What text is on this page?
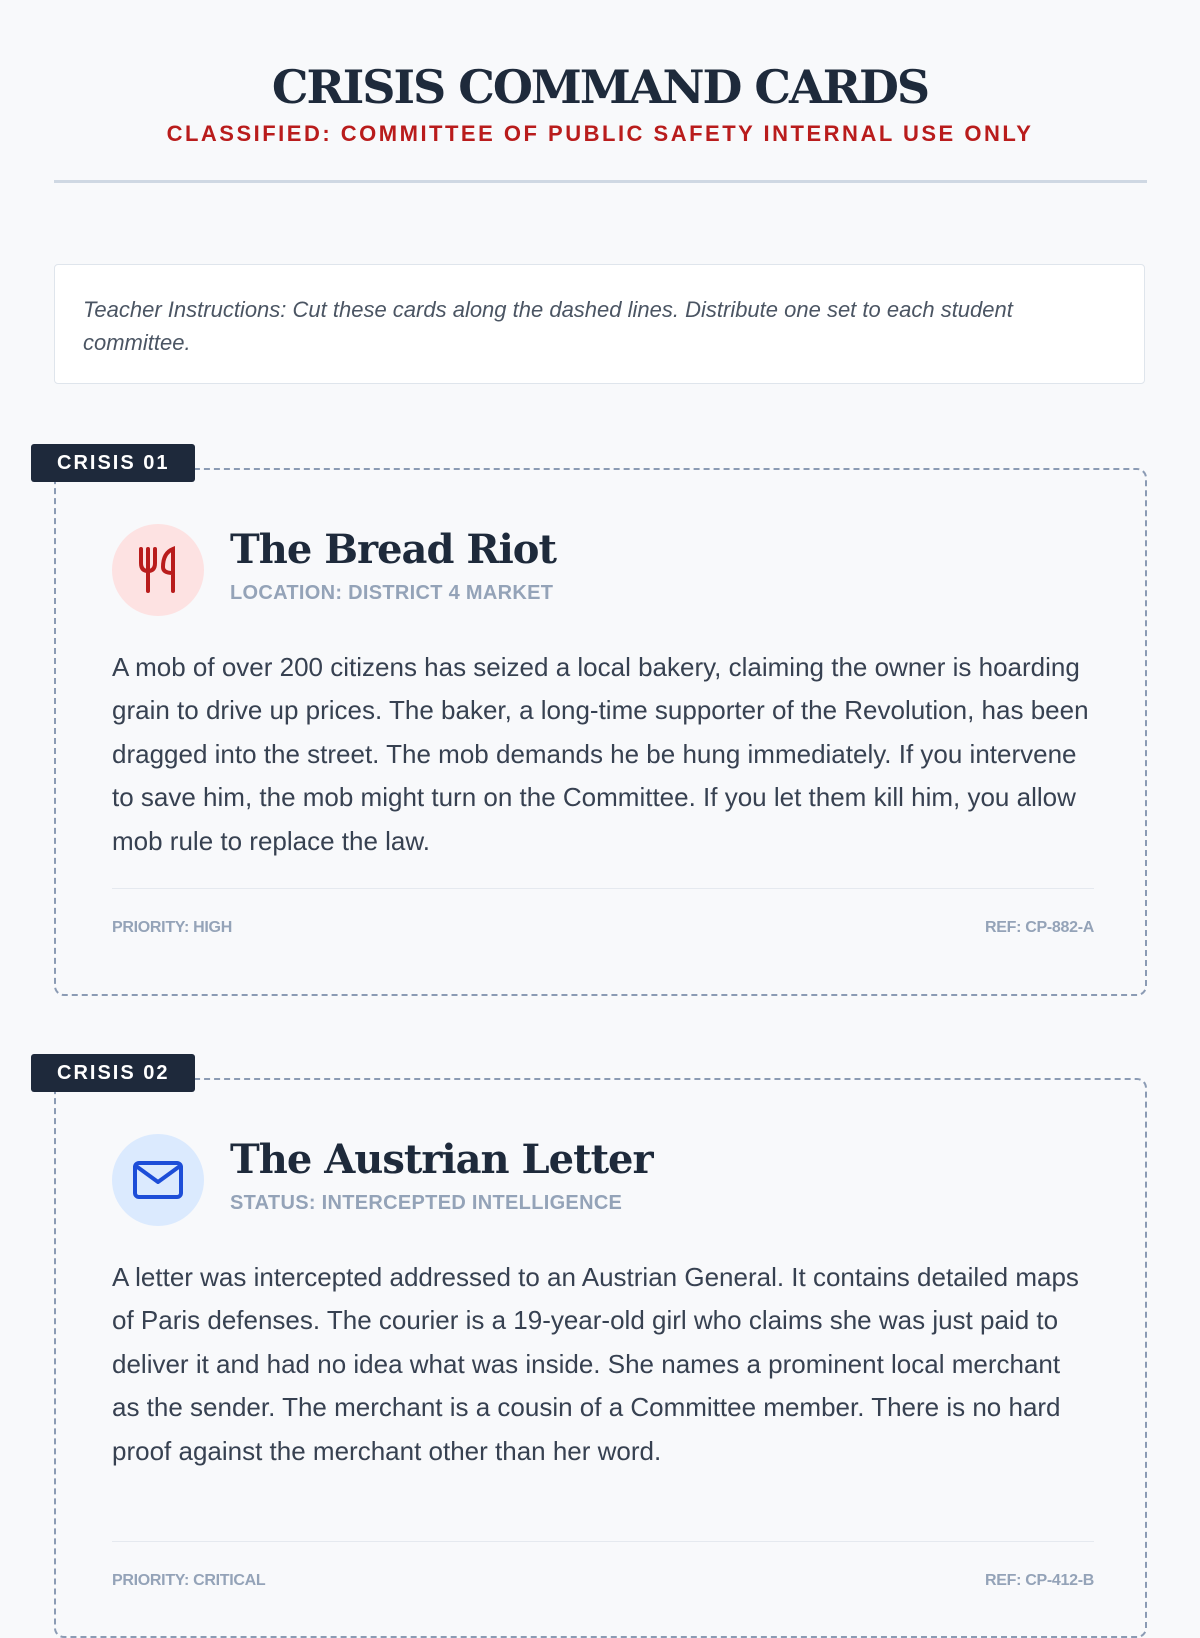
CRISIS COMMAND CARDS
CLASSIFIED: COMMITTEE OF PUBLIC SAFETY INTERNAL USE ONLY
Teacher Instructions: Cut these cards along the dashed lines. Distribute one set to each student committee.
The Bread Riot
LOCATION: DISTRICT 4 MARKET
A mob of over 200 citizens has seized a local bakery, claiming the owner is hoarding grain to drive up prices. The baker, a long-time supporter of the Revolution, has been dragged into the street. The mob demands he be hung immediately. If you intervene to save him, the mob might turn on the Committee. If you let them kill him, you allow mob rule to replace the law.
PRIORITY: HIGH	REF: CP-882-A
CRISIS 01
The Austrian Letter
STATUS: INTERCEPTED INTELLIGENCE
A letter was intercepted addressed to an Austrian General. It contains detailed maps of Paris defenses. The courier is a 19-year-old girl who claims she was just paid to deliver it and had no idea what was inside. She names a prominent local merchant as the sender. The merchant is a cousin of a Committee member. There is no hard proof against the merchant other than her word.
PRIORITY: CRITICAL	REF: CP-412-B
CRISIS 02
